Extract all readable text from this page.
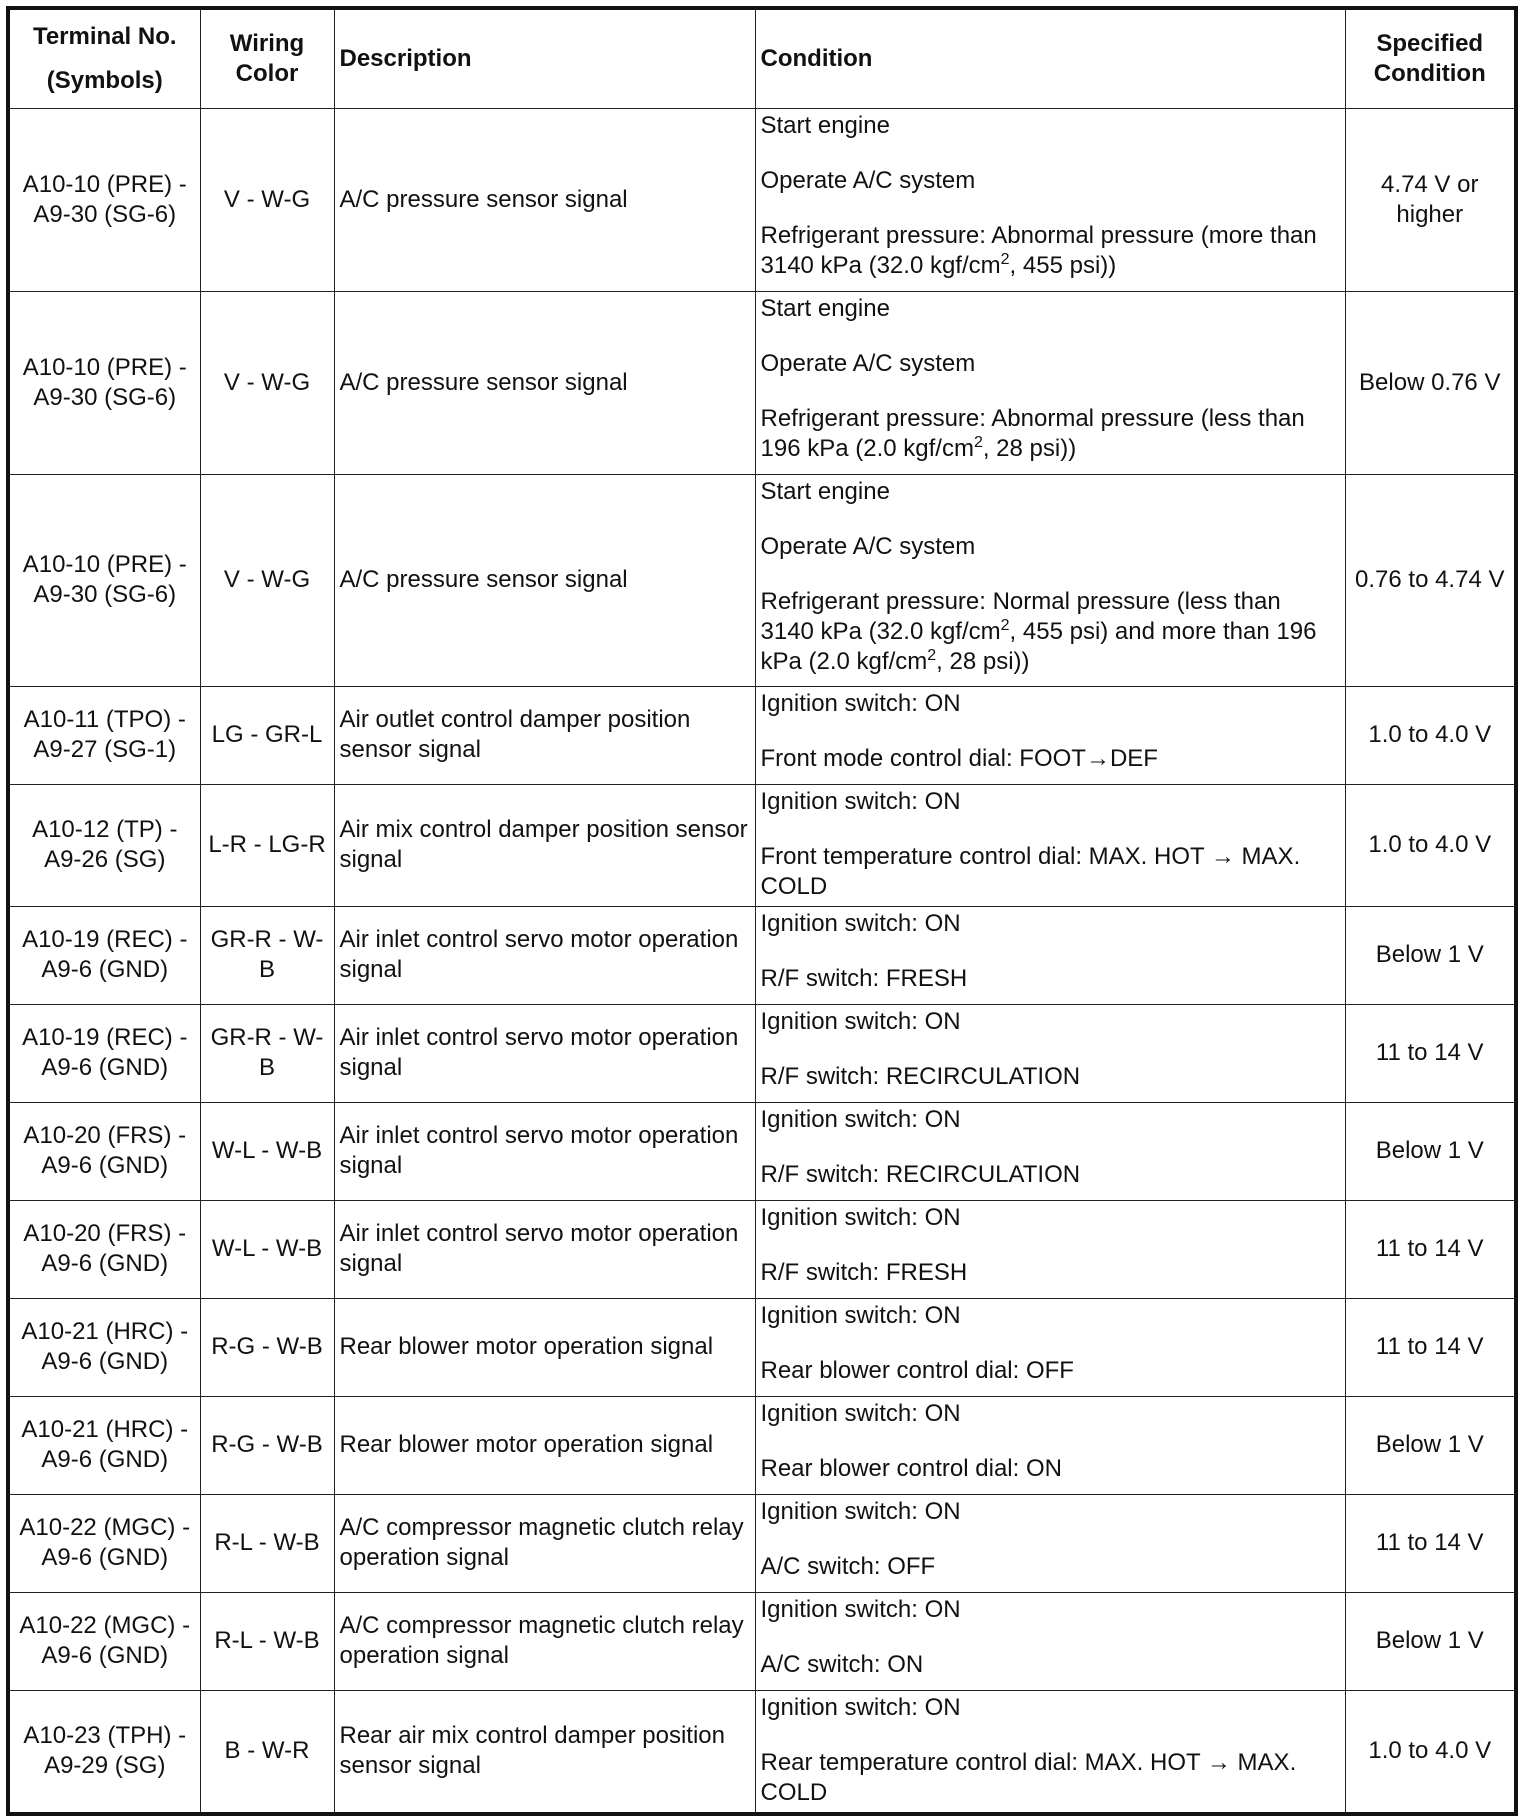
Terminal No.
(Symbols)	Wiring
Color	Description	Condition	Specified
Condition

A10-10 (PRE) -
A9-30 (SG-6)	V - W-G	A/C pressure sensor signal	Start engine
Operate A/C system
Refrigerant pressure: Abnormal pressure (more than 3140 kPa (32.0 kgf/$cm^2$, 455 psi))	4.74 V or higher

A10-10 (PRE) -
A9-30 (SG-6)	V - W-G	A/C pressure sensor signal	Start engine
Operate A/C system
Refrigerant pressure: Abnormal pressure (less than 196 kPa (2.0 kgf/$cm^2$, 28 psi))	Below 0.76 V

A10-10 (PRE) -
A9-30 (SG-6)	V - W-G	A/C pressure sensor signal	Start engine
Operate A/C system
Refrigerant pressure: Normal pressure (less than 3140 kPa (32.0 kgf/$cm^2$, 455 psi) and more than 196 kPa (2.0 kgf/$cm^2$, 28 psi))	0.76 to 4.74 V

A10-11 (TPO) -
A9-27 (SG-1)	LG - GR-L	Air outlet control damper position sensor signal	Ignition switch: ON
Front mode control dial: FOOT→DEF	1.0 to 4.0 V

A10-12 (TP) -
A9-26 (SG)	L-R - LG-R	Air mix control damper position sensor signal	Ignition switch: ON
Front temperature control dial: MAX. HOT → MAX. COLD	1.0 to 4.0 V

A10-19 (REC) -
A9-6 (GND)	GR-R - W-B	Air inlet control servo motor operation signal	Ignition switch: ON
R/F switch: FRESH	Below 1 V

A10-19 (REC) -
A9-6 (GND)	GR-R - W-B	Air inlet control servo motor operation signal	Ignition switch: ON
R/F switch: RECIRCULATION	11 to 14 V

A10-20 (FRS) -
A9-6 (GND)	W-L - W-B	Air inlet control servo motor operation signal	Ignition switch: ON
R/F switch: RECIRCULATION	Below 1 V

A10-20 (FRS) -
A9-6 (GND)	W-L - W-B	Air inlet control servo motor operation signal	Ignition switch: ON
R/F switch: FRESH	11 to 14 V

A10-21 (HRC) -
A9-6 (GND)	R-G - W-B	Rear blower motor operation signal	Ignition switch: ON
Rear blower control dial: OFF	11 to 14 V

A10-21 (HRC) -
A9-6 (GND)	R-G - W-B	Rear blower motor operation signal	Ignition switch: ON
Rear blower control dial: ON	Below 1 V

A10-22 (MGC) -
A9-6 (GND)	R-L - W-B	A/C compressor magnetic clutch relay operation signal	Ignition switch: ON
A/C switch: OFF	11 to 14 V

A10-22 (MGC) -
A9-6 (GND)	R-L - W-B	A/C compressor magnetic clutch relay operation signal	Ignition switch: ON
A/C switch: ON	Below 1 V

A10-23 (TPH) -
A9-29 (SG)	B - W-R	Rear air mix control damper position sensor signal	Ignition switch: ON
Rear temperature control dial: MAX. HOT → MAX. COLD	1.0 to 4.0 V
